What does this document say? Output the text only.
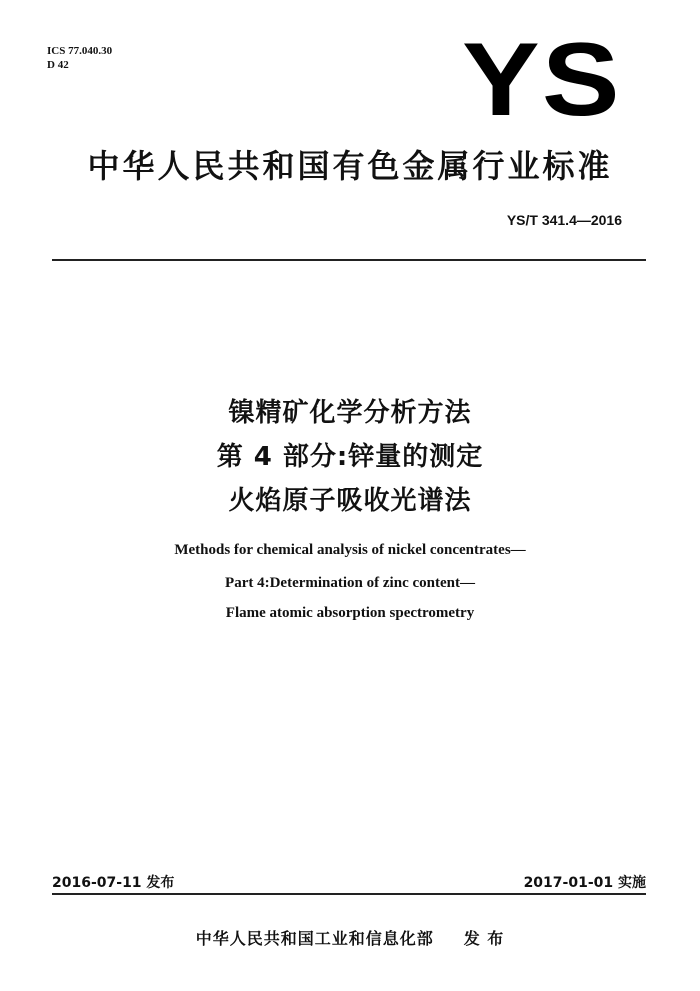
ICS 77.040.30
D 42	YS
中华人民共和国有色金属行业标准
YS/T 341.4—2016
镍精矿化学分析方法
第 4 部分:锌量的测定
火焰原子吸收光谱法
Methods for chemical analysis of nickel concentrates—
Part 4:Determination of zinc content—
Flame atomic absorption spectrometry
2016-07-11 发布	2017-01-01 实施
中华人民共和国工业和信息化部 发 布
